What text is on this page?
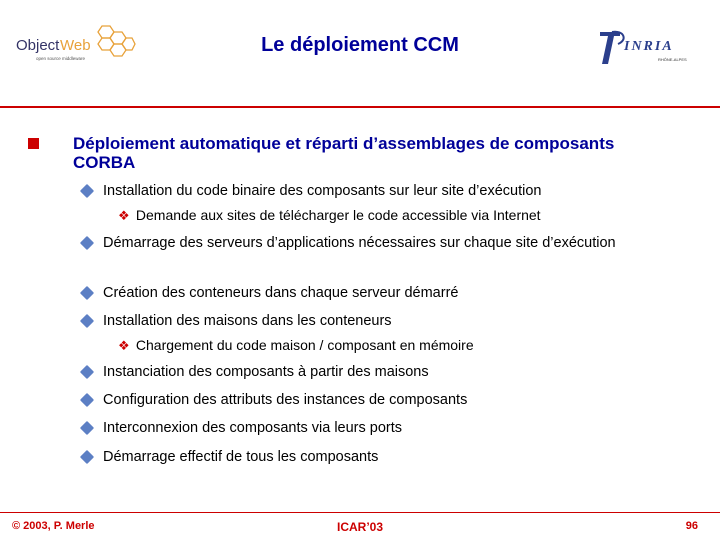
Object Web
open source middleware
Le déploiement CCM	INRIA
RHÔNE-ALPES
Déploiement automatique et réparti d’assemblages de composants CORBA
Installation du code binaire des composants sur leur site d’exécution
❖ Demande aux sites de télécharger le code accessible via Internet
Démarrage des serveurs d’applications nécessaires sur chaque site d’exécution
Création des conteneurs dans chaque serveur démarré
Installation des maisons dans les conteneurs
❖ Chargement du code maison / composant en mémoire
Instanciation des composants à partir des maisons
Configuration des attributs des instances de composants
Interconnexion des composants via leurs ports
Démarrage effectif de tous les composants
© 2003, P. Merle	ICAR’03	96
